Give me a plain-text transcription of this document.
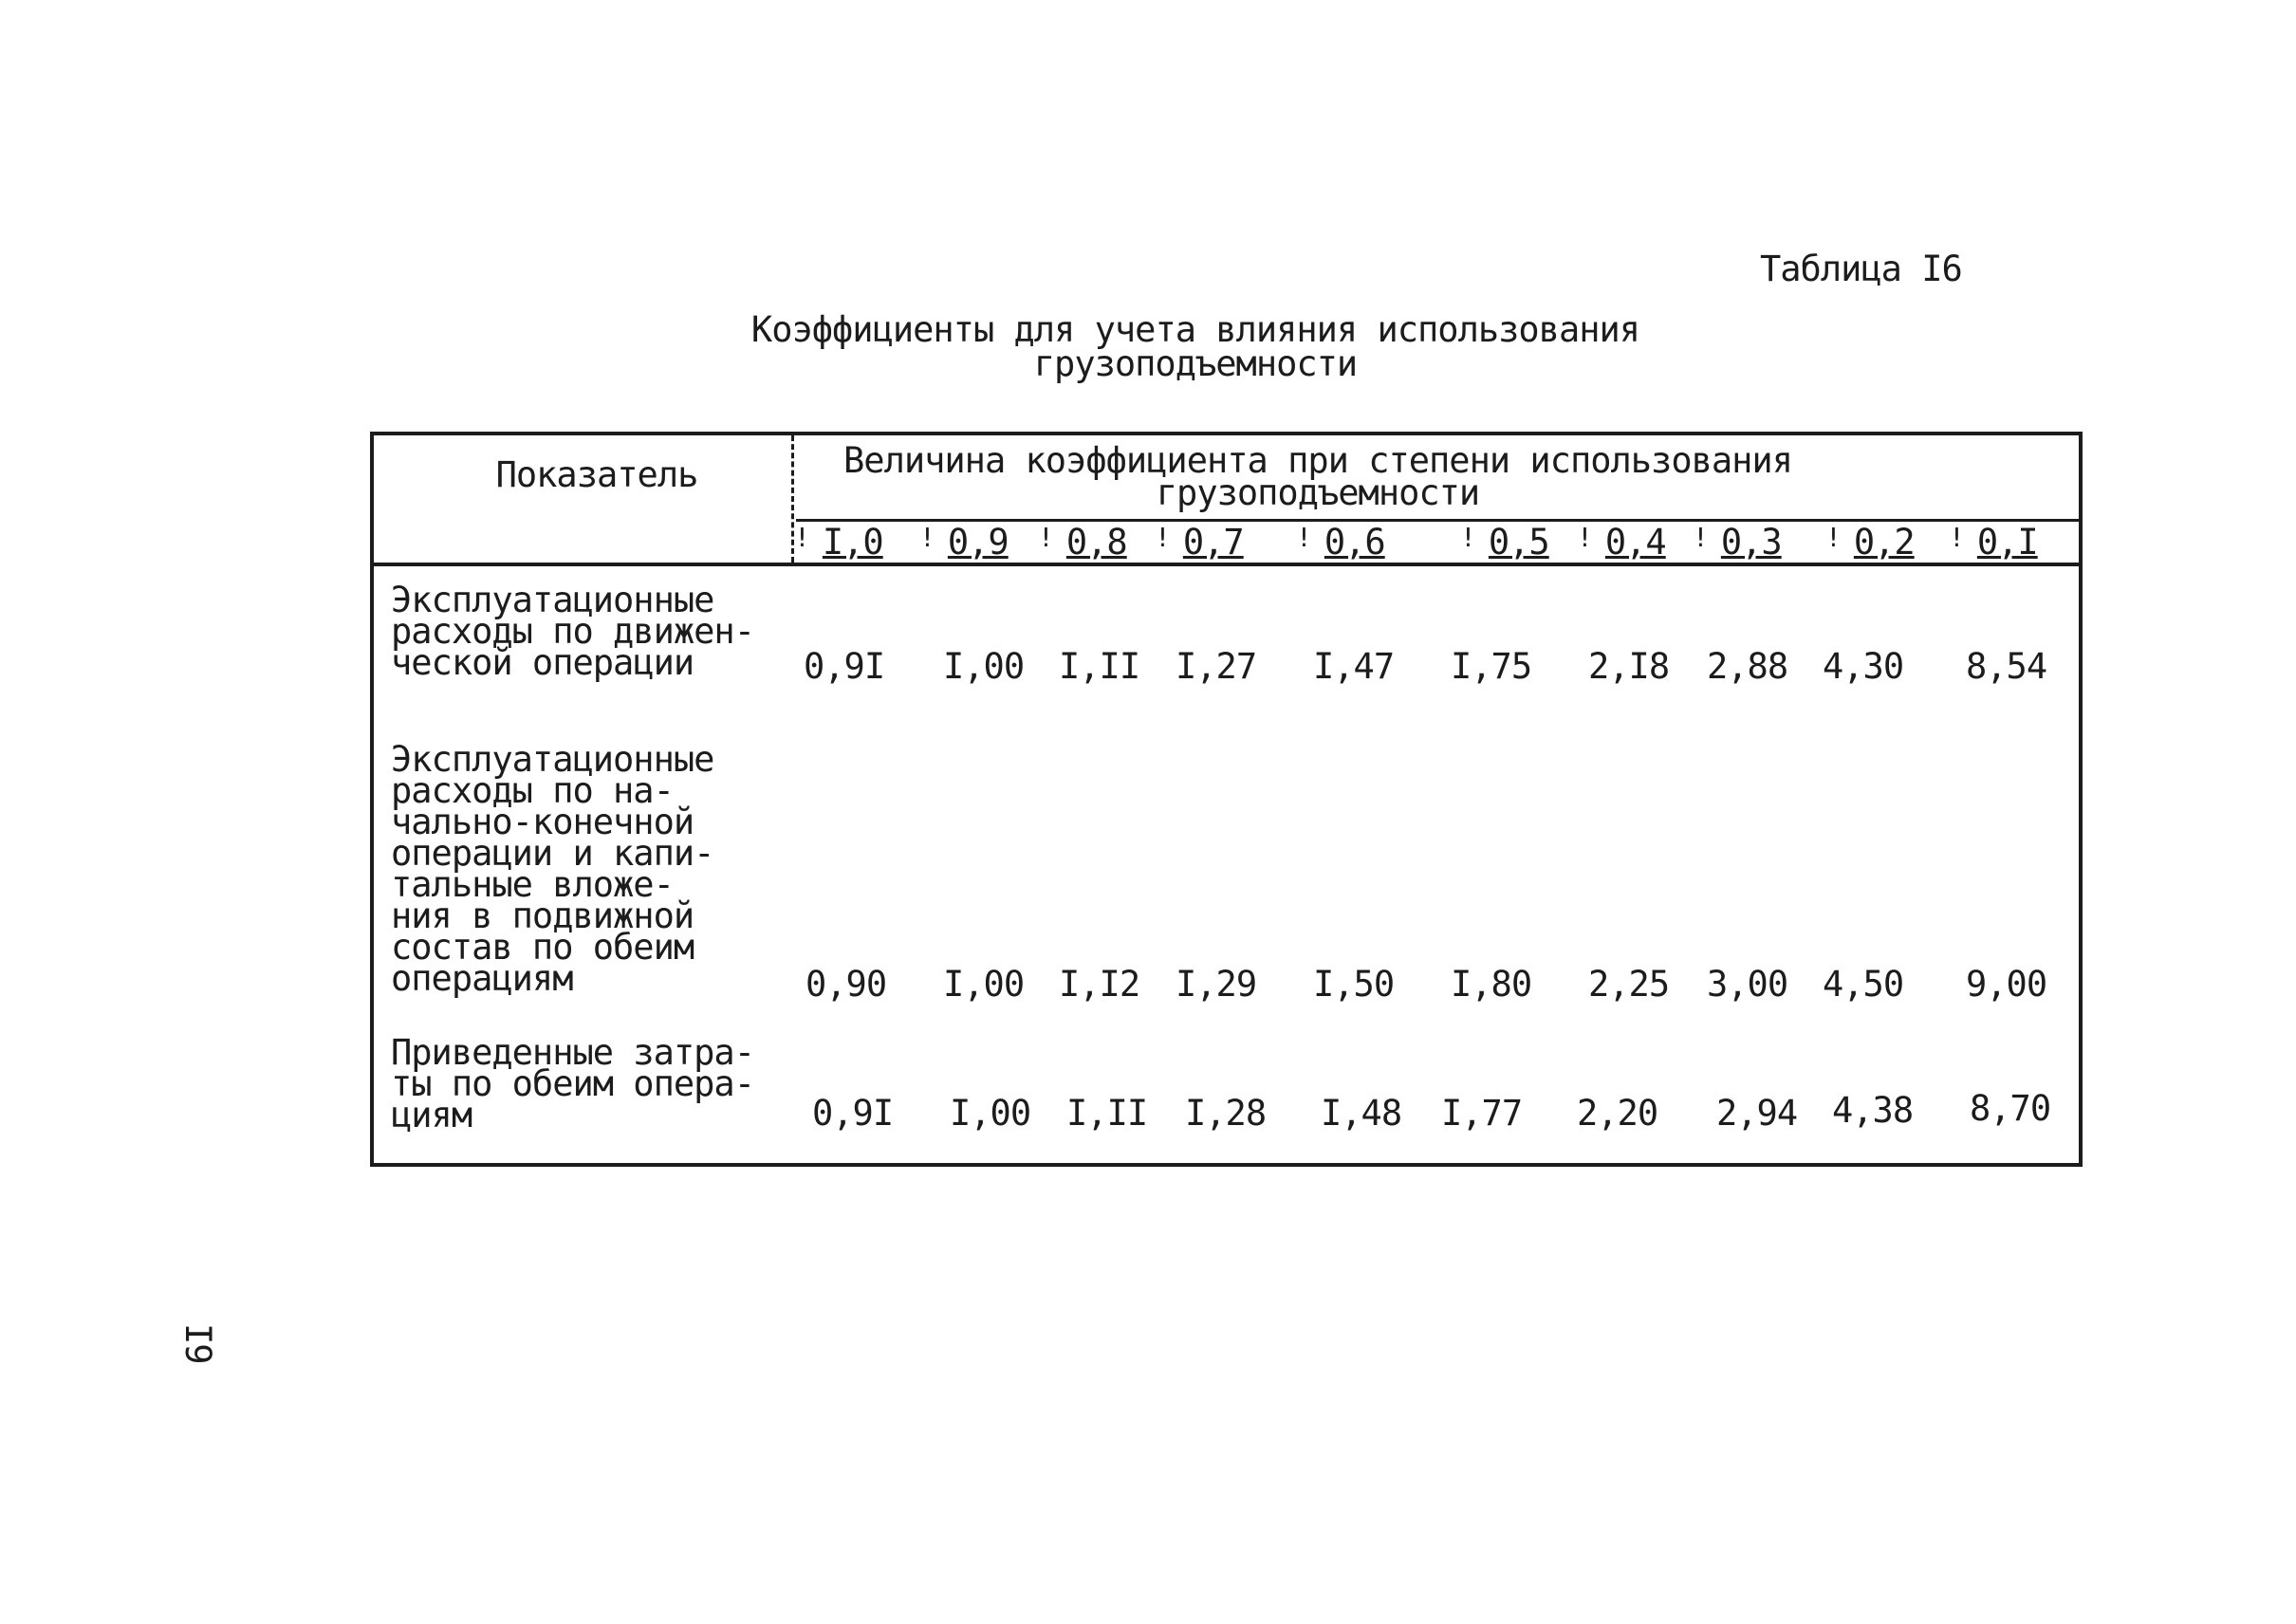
Таблица I6
Коэффициенты для учета влияния использования
грузоподъемности
Показатель	Величина коэффициента при степени использования
грузоподъемности
! I,0 ! 0,9 ! 0,8 ! 0,7 ! 0,6	! 0,5 ! 0,4 ! 0,3 ! 0,2 ! 0,I
Эксплуатационные
расходы по движен-
ческой операции	0,9I I,00 I,II I,27 I,47 I,75 2,I8 2,88 4,30 8,54
Эксплуатационные
расходы по на-
чально-конечной
операции и капи-
тальные вложе-
ния в подвижной
состав по обеим
операциям	0,90 I,00 I,I2 I,29 I,50 I,80 2,25 3,00 4,50 9,00
Приведенные затра-
ты по обеим опера-
циям	0,9I I,00 I,II I,28 I,48 I,77 2,20 2,94 4,38 8,70
I9
